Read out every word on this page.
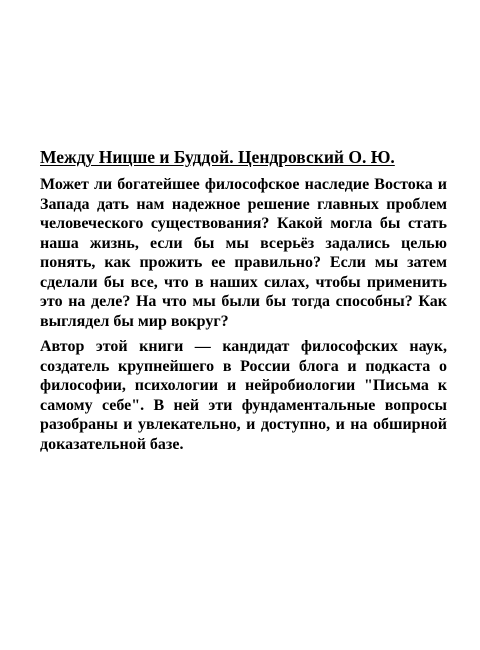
Между Ницше и Буддой. Цендровский О. Ю.

Может ли богатейшее философское наследие Востока и Запада дать нам надежное решение главных проблем человеческого существования? Какой могла бы стать наша жизнь, если бы мы всерьёз задались целью понять, как прожить ее правильно? Если мы затем сделали бы все, что в наших силах, чтобы применить это на деле? На что мы были бы тогда способны? Как выглядел бы мир вокруг?

Автор этой книги — кандидат философских наук, создатель крупнейшего в России блога и подкаста о философии, психологии и нейробиологии "Письма к самому себе". В ней эти фундаментальные вопросы разобраны и увлекательно, и доступно, и на обширной доказательной базе.
